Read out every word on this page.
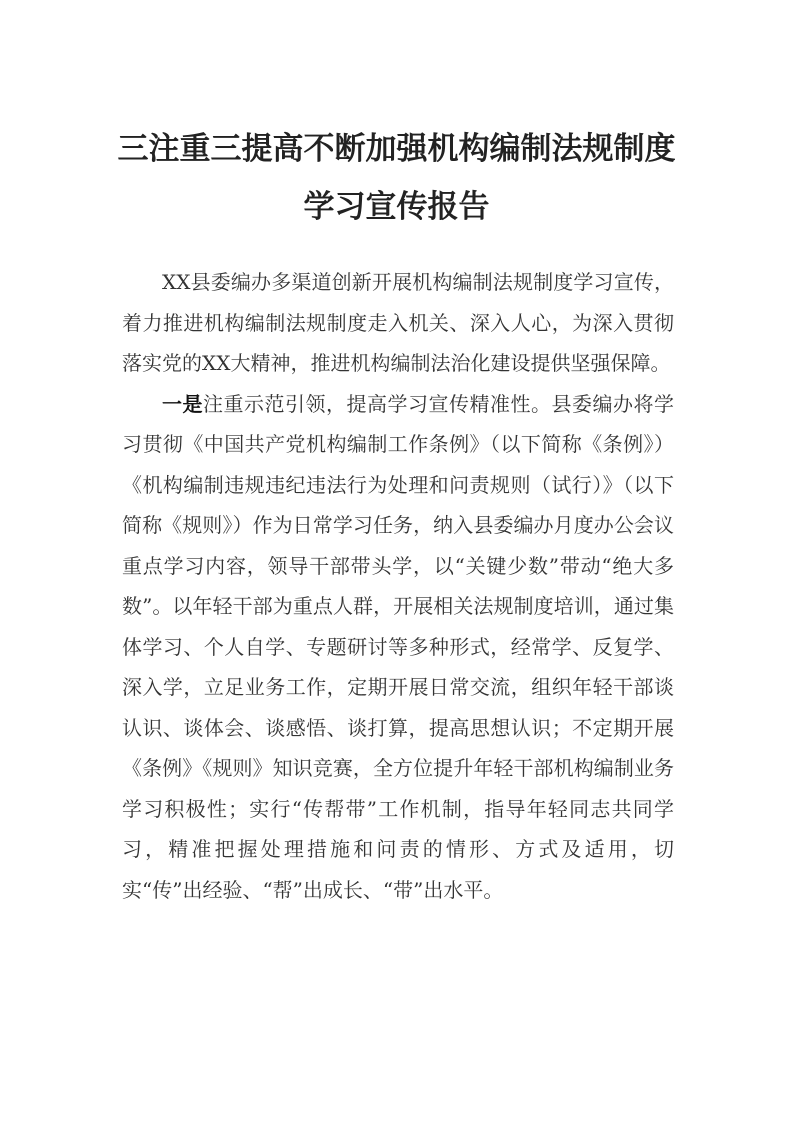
三注重三提高不断加强机构编制法规制度学习宣传报告

XX县委编办多渠道创新开展机构编制法规制度学习宣传，着力推进机构编制法规制度走入机关、深入人心，为深入贯彻落实党的XX大精神，推进机构编制法治化建设提供坚强保障。

一是注重示范引领，提高学习宣传精准性。县委编办将学习贯彻《中国共产党机构编制工作条例》（以下简称《条例》）《机构编制违规违纪违法行为处理和问责规则（试行）》（以下简称《规则》）作为日常学习任务，纳入县委编办月度办公会议重点学习内容，领导干部带头学，以“关键少数”带动“绝大多数”。以年轻干部为重点人群，开展相关法规制度培训，通过集体学习、个人自学、专题研讨等多种形式，经常学、反复学、深入学，立足业务工作，定期开展日常交流，组织年轻干部谈认识、谈体会、谈感悟、谈打算，提高思想认识；不定期开展《条例》《规则》知识竞赛，全方位提升年轻干部机构编制业务学习积极性；实行“传帮带”工作机制，指导年轻同志共同学习，精准把握处理措施和问责的情形、方式及适用，切实“传”出经验、“帮”出成长、“带”出水平。
